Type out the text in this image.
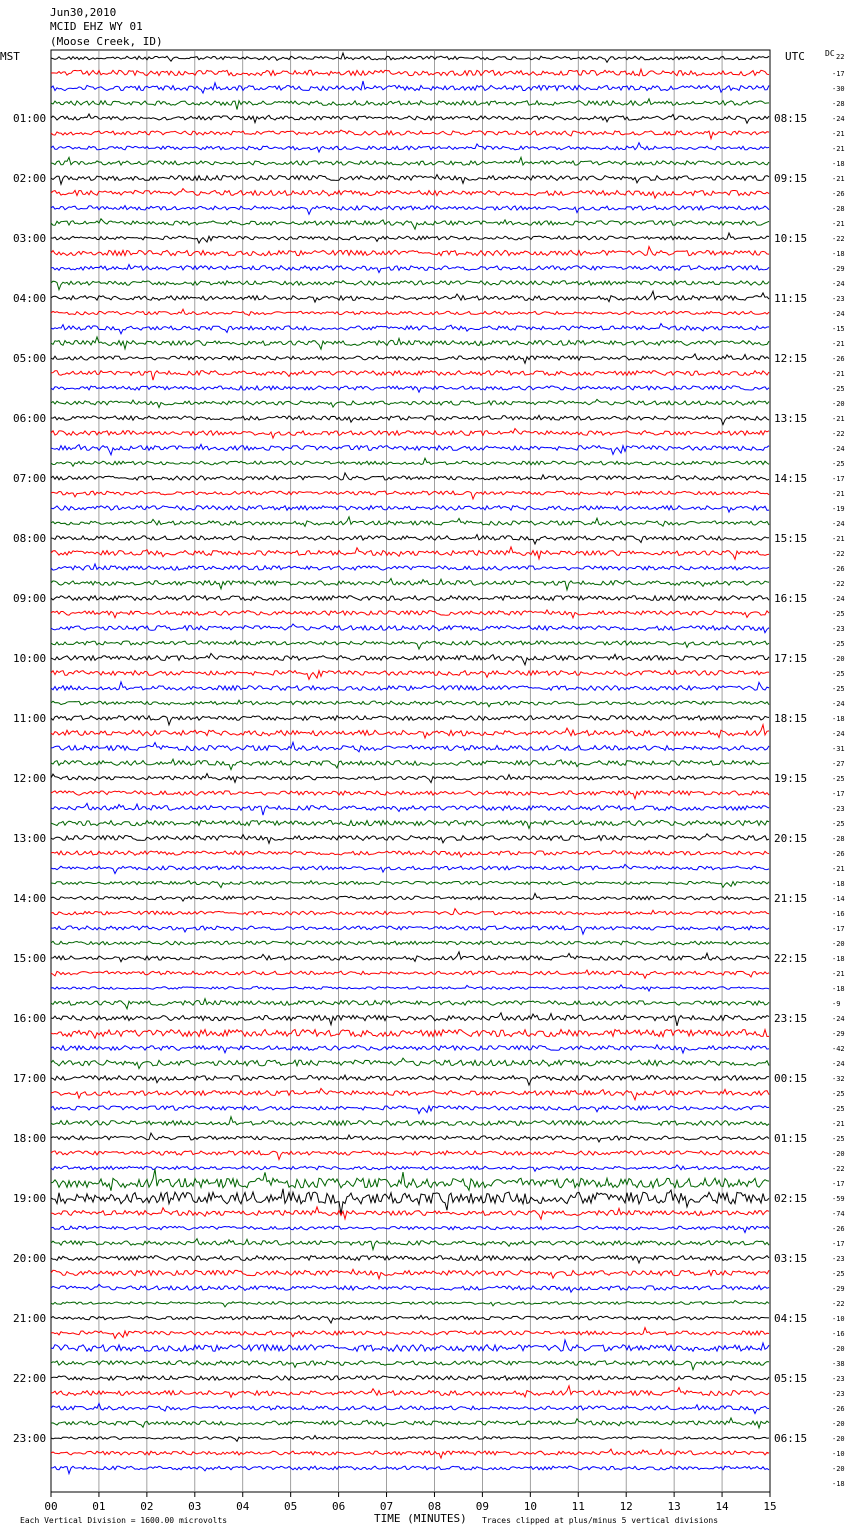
Jun30,2010
MCID EHZ WY 01
(Moose Creek, ID)
MST	UTC
01:00
02:00
03:00
04:00
05:00
06:00
07:00
08:00
09:00
10:00
11:00
12:00
13:00
14:00
15:00
16:00
17:00
18:00
19:00
20:00
21:00
22:00
23:00
08:15
09:15
10:15
11:15
12:15
13:15
14:15
15:15
16:15
17:15
18:15
19:15
20:15
21:15
22:15
23:15
00:15
01:15
02:15
03:15
04:15
05:15
06:15
DC 22
-17
-30
-28
-24
-21
-21
-18
-21
-26
-28
-21
-22
-18
-29
-24
-23
-24
-15
-21
-26
-21
-25
-20
-21
-22
-24
-25
-17
-21
-19
-24
-21
-22
-26
-22
-24
-25
-23
-25
-20
-25
-25
-24
-18
-24
-31
-27
-25
-17
-23
-25
-28
-26
-21
-18
-14
-16
-17
-20
-18
-21
-18
-9
-24
-29
-42
-24
-32
-25
-25
-21
-25
-20
-22
-17
-59
-74
-26
-17
-23
-25
-29
-22
-10
-16
-20
-38
-23
-23
-26
-20
-20
-10
-20
-18
00	01	02	03	04	05	06	07	08	09	10	11	12	13	14	15
Each Vertical Division = 1600.00 microvolts	TIME (MINUTES) Traces clipped at plus/minus 5 vertical divisions
